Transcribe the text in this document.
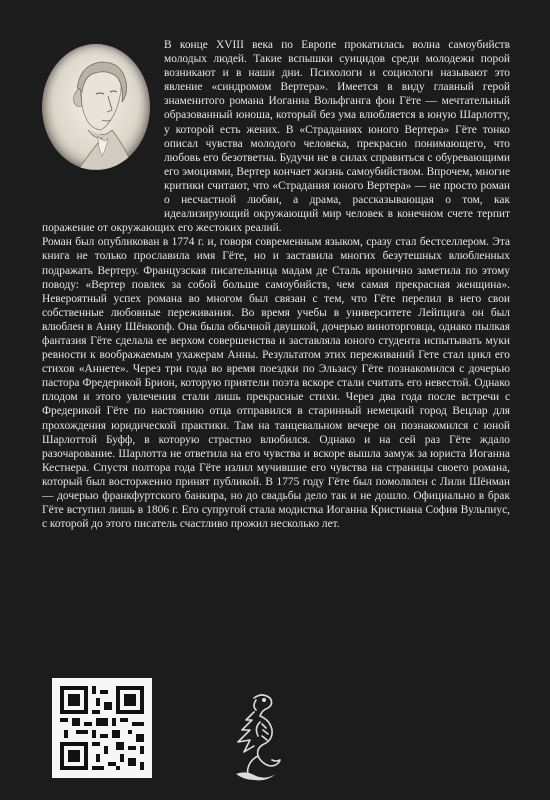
В конце XVIII века по Европе прокатилась волна самоубийств молодых людей. Такие вспышки суицидов среди молодежи порой возникают и в наши дни. Психологи и социологи называют это явление «синдромом Вертера». Имеется в виду главный герой знаменитого романа Иоганна Вольфганга фон Гёте — мечтательный образованный юноша, который без ума влюбляется в юную Шарлотту, у которой есть жених. В «Страданиях юного Вертера» Гёте тонко описал чувства молодого человека, прекрасно понимающего, что любовь его безответна. Будучи не в силах справиться с обуревающими его эмоциями, Вертер кончает жизнь самоубийством. Впрочем, многие критики считают, что «Страдания юного Вертера» — не просто роман о несчастной любви, а драма, рассказывающая о том, как идеализирующий окружающий мир человек в конечном счете терпит поражение от окружающих его жестоких реалий.

Роман был опубликован в 1774 г. и, говоря современным языком, сразу стал бестселлером. Эта книга не только прославила имя Гёте, но и заставила многих безутешных влюбленных подражать Вертеру. Французская писательница мадам де Сталь иронично заметила по этому поводу: «Вертер повлек за собой больше самоубийств, чем самая прекрасная женщина». Невероятный успех романа во многом был связан с тем, что Гёте перелил в него свои собственные любовные переживания. Во время учебы в университете Лейпцига он был влюблен в Анну Шёнкопф. Она была обычной двушкой, дочерью виноторговца, однако пылкая фантазия Гёте сделала ее верхом совершенства и заставляла юного студента испытывать муки ревности к воображаемым ухажерам Анны. Результатом этих переживаний Гете стал цикл его стихов «Аннете». Через три года во время поездки по Эльзасу Гёте познакомился с дочерью пастора Фредерикой Брион, которую приятели поэта вскоре стали считать его невестой. Однако плодом и этого увлечения стали лишь прекрасные стихи. Через два года после встречи с Фредерикой Гёте по настоянию отца отправился в старинный немецкий город Вецлар для прохождения юридической практики. Там на танцевальном вечере он познакомился с юной Шарлоттой Буфф, в которую страстно влюбился. Однако и на сей раз Гёте ждало разочарование. Шарлотта не ответила на его чувства и вскоре вышла замуж за юриста Иоганна Кестнера. Спустя полтора года Гёте излил мучившие его чувства на страницы своего романа, который был восторженно принят публикой. В 1775 году Гёте был помолвлен с Лили Шёнман — дочерью франкфуртского банкира, но до свадьбы дело так и не дошло. Официально в брак Гёте вступил лишь в 1806 г. Его супругой стала модистка Иоганна Кристиана София Вульпиус, с которой до этого писатель счастливо прожил несколько лет.
